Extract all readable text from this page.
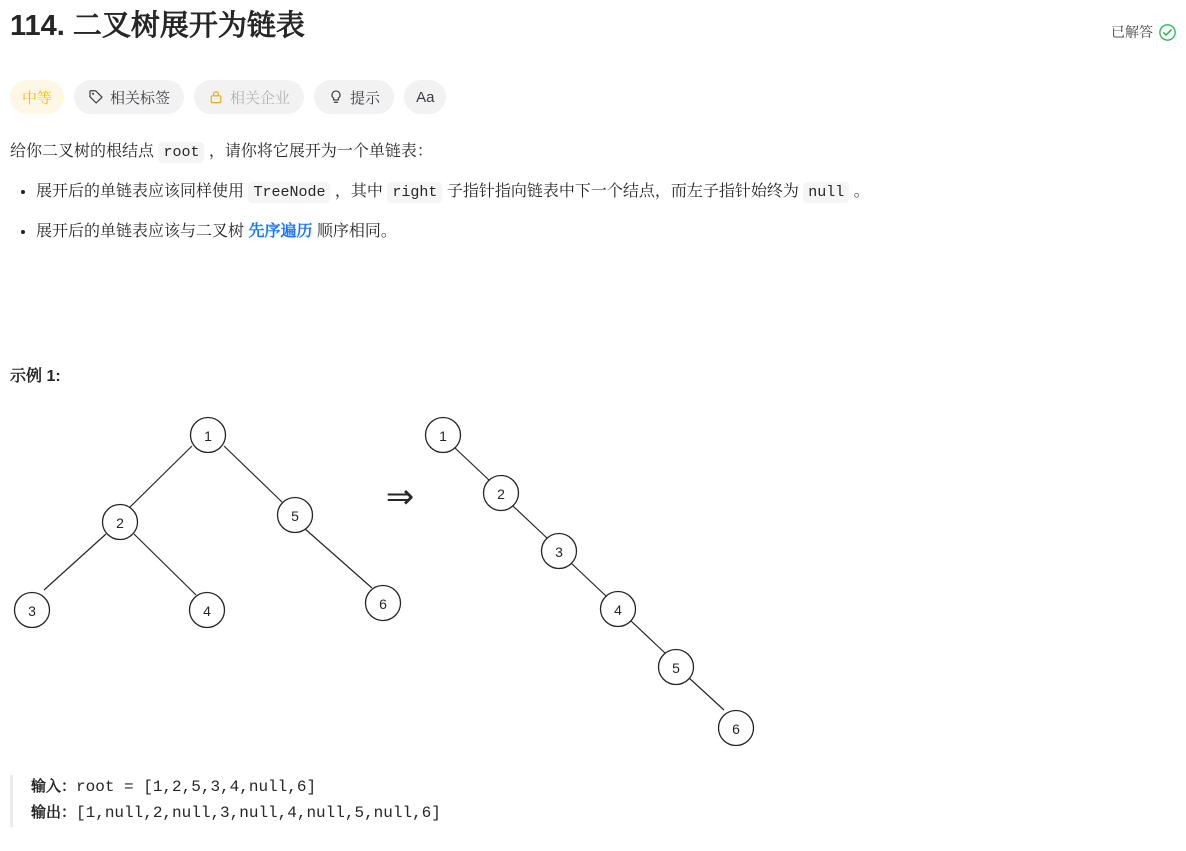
114. 二叉树展开为链表	已解答
中等	相关标签	相关企业	提示 Aa

给你二叉树的根结点 root ，请你将它展开为一个单链表：

• 展开后的单链表应该同样使用 TreeNode ，其中 right 子指针指向链表中下一个结点，而左子指针始终为 null 。
• 展开后的单链表应该与二叉树 先序遍历 顺序相同。
示例 1:
1
2	5
3	4	6
⇒
1
2
3
4
5
6
输入：root = [1,2,5,3,4,null,6]
输出：[1,null,2,null,3,null,4,null,5,null,6]
